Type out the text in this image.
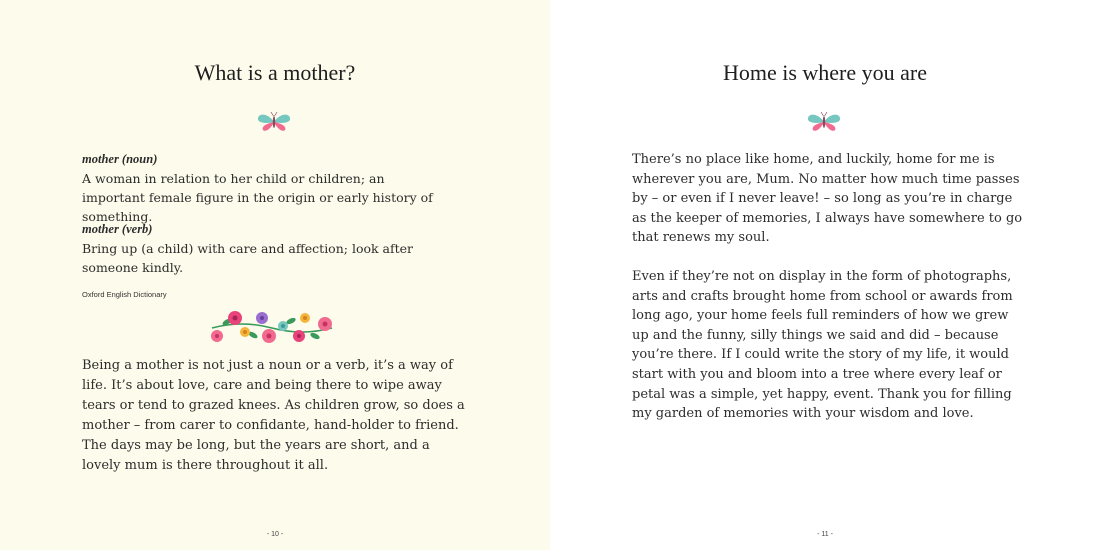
What is a mother?
mother (noun)
A woman in relation to her child or children; an important female figure in the origin or early history of something.
mother (verb)
Bring up (a child) with care and affection; look after someone kindly.
Oxford English Dictionary
Being a mother is not just a noun or a verb, it’s a way of life. It’s about love, care and being there to wipe away tears or tend to grazed knees. As children grow, so does a mother – from carer to confidante, hand-holder to friend. The days may be long, but the years are short, and a lovely mum is there throughout it all.
- 10 -
Home is where you are
There’s no place like home, and luckily, home for me is wherever you are, Mum. No matter how much time passes by – or even if I never leave! – so long as you’re in charge as the keeper of memories, I always have somewhere to go that renews my soul.
Even if they’re not on display in the form of photographs, arts and crafts brought home from school or awards from long ago, your home feels full reminders of how we grew up and the funny, silly things we said and did – because you’re there. If I could write the story of my life, it would start with you and bloom into a tree where every leaf or petal was a simple, yet happy, event. Thank you for filling my garden of memories with your wisdom and love.
- 11 -
